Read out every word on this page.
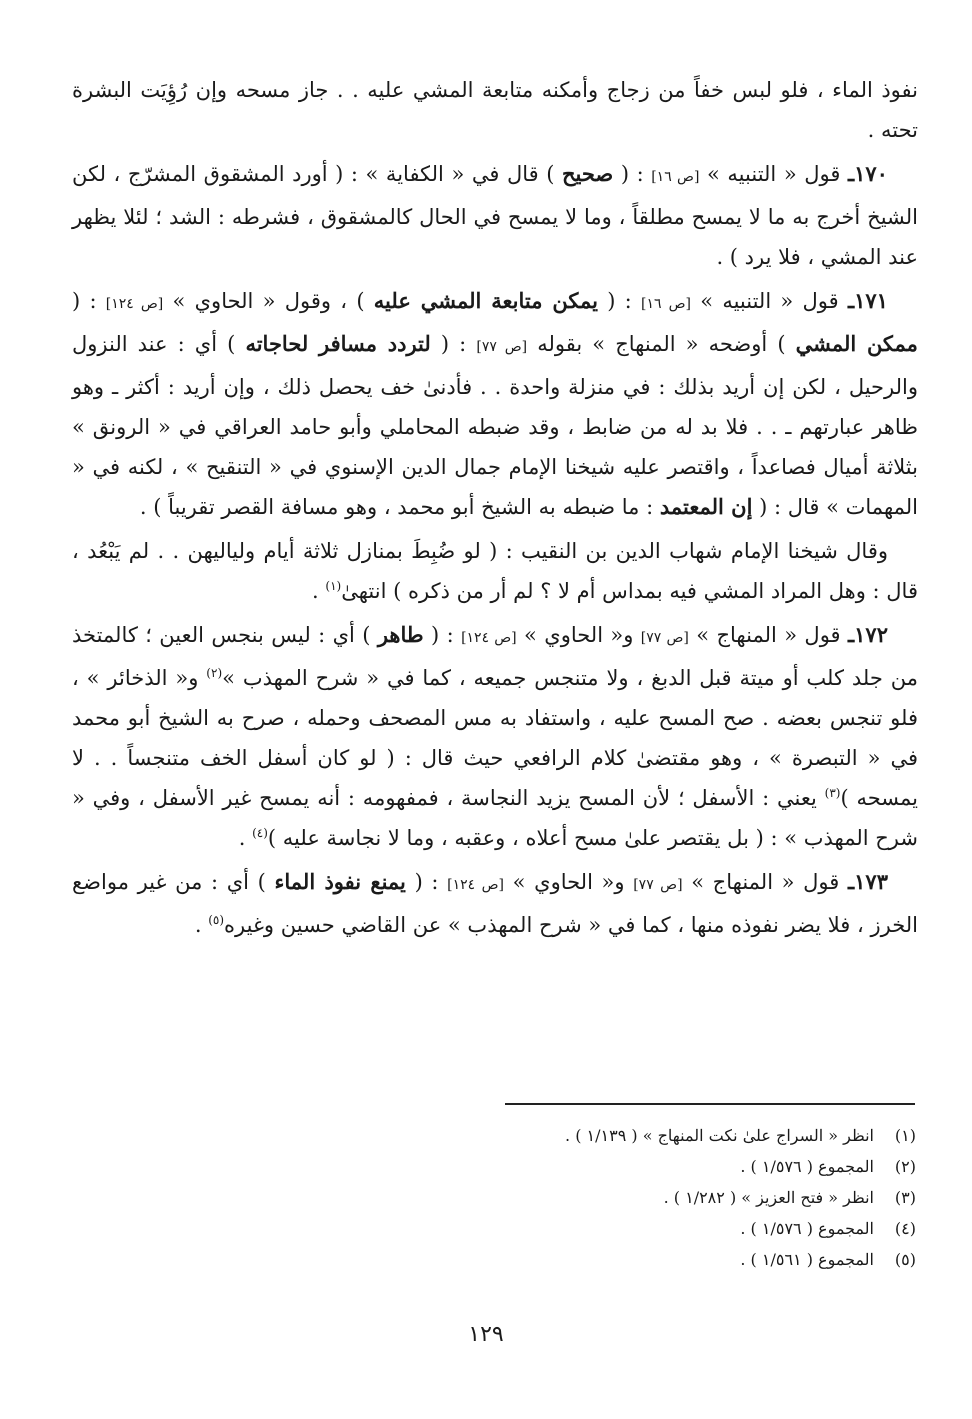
نفوذ الماء ، فلو لبس خفاً من زجاج وأمكنه متابعة المشي عليه . . جاز مسحه وإن رُؤِيَت البشرة تحته .

١٧٠ـ قول « التنبيه » [ص ١٦] : ( صحيح ) قال في « الكفاية » : ( أورد المشقوق المشرّج ، لكن الشيخ أخرج به ما لا يمسح مطلقاً ، وما لا يمسح في الحال كالمشقوق ، فشرطه : الشد ؛ لئلا يظهر عند المشي ، فلا يرد ) .

١٧١ـ قول « التنبيه » [ص ١٦] : ( يمكن متابعة المشي عليه ) ، وقول « الحاوي » [ص ١٢٤] : ( ممكن المشي ) أوضحه « المنهاج » بقوله [ص ٧٧] : ( لتردد مسافر لحاجاته ) أي : عند النزول والرحيل ، لكن إن أريد بذلك : في منزلة واحدة . . فأدنىٰ خف يحصل ذلك ، وإن أريد : أكثر ـ وهو ظاهر عبارتهم ـ . . فلا بد له من ضابط ، وقد ضبطه المحاملي وأبو حامد العراقي في « الرونق » بثلاثة أميال فصاعداً ، واقتصر عليه شيخنا الإمام جمال الدين الإسنوي في « التنقيح » ، لكنه في « المهمات » قال : ( إن المعتمد : ما ضبطه به الشيخ أبو محمد ، وهو مسافة القصر تقريباً ) .

وقال شيخنا الإمام شهاب الدين بن النقيب : ( لو ضُبِطَ بمنازل ثلاثة أيام ولياليهن . . لم يَبْعُد ، قال : وهل المراد المشي فيه بمداس أم لا ؟ لم أر من ذكره ) انتهىٰ$^{(١)}$ .

١٧٢ـ قول « المنهاج » [ص ٧٧] و« الحاوي » [ص ١٢٤] : ( طاهر ) أي : ليس بنجس العين ؛ كالمتخذ من جلد كلب أو ميتة قبل الدبغ ، ولا متنجس جميعه ، كما في « شرح المهذب »$^{(٢)}$ و« الذخائر » ، فلو تنجس بعضه . صح المسح عليه ، واستفاد به مس المصحف وحمله ، صرح به الشيخ أبو محمد في « التبصرة » ، وهو مقتضىٰ كلام الرافعي حيث قال : ( لو كان أسفل الخف متنجساً . . لا يمسحه )$^{(٣)}$ يعني : الأسفل ؛ لأن المسح يزيد النجاسة ، فمفهومه : أنه يمسح غير الأسفل ، وفي « شرح المهذب » : ( بل يقتصر علىٰ مسح أعلاه ، وعقبه ، وما لا نجاسة عليه )$^{(٤)}$ .

١٧٣ـ قول « المنهاج » [ص ٧٧] و« الحاوي » [ص ١٢٤] : ( يمنع نفوذ الماء ) أي : من غير مواضع الخرز ، فلا يضر نفوذه منها ، كما في « شرح المهذب » عن القاضي حسين وغيره$^{(٥)}$ .

(١)
انظر « السراج علىٰ نكت المنهاج » ( ١/١٣٩ ) .
(٢)
المجموع ( ١/٥٧٦ ) .
(٣)
انظر « فتح العزيز » ( ١/٢٨٢ ) .
(٤)
المجموع ( ١/٥٧٦ ) .
(٥)
المجموع ( ١/٥٦١ ) .
١٢٩
